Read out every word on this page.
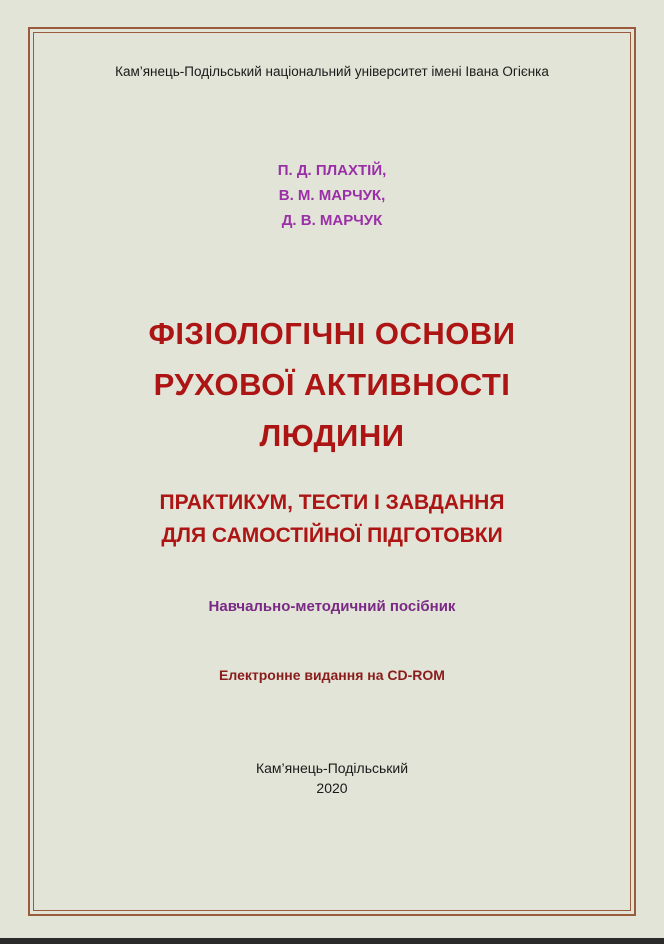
Кам’янець-Подільський національний університет імені Івана Огієнка
П. Д. ПЛАХТІЙ,
В. М. МАРЧУК,
Д. В. МАРЧУК
ФІЗІОЛОГІЧНІ ОСНОВИ
РУХОВОЇ АКТИВНОСТІ
ЛЮДИНИ
ПРАКТИКУМ, ТЕСТИ І ЗАВДАННЯ
ДЛЯ САМОСТІЙНОЇ ПІДГОТОВКИ
Навчально-методичний посібник
Електронне видання на CD-ROM
Кам’янець-Подільський
2020
